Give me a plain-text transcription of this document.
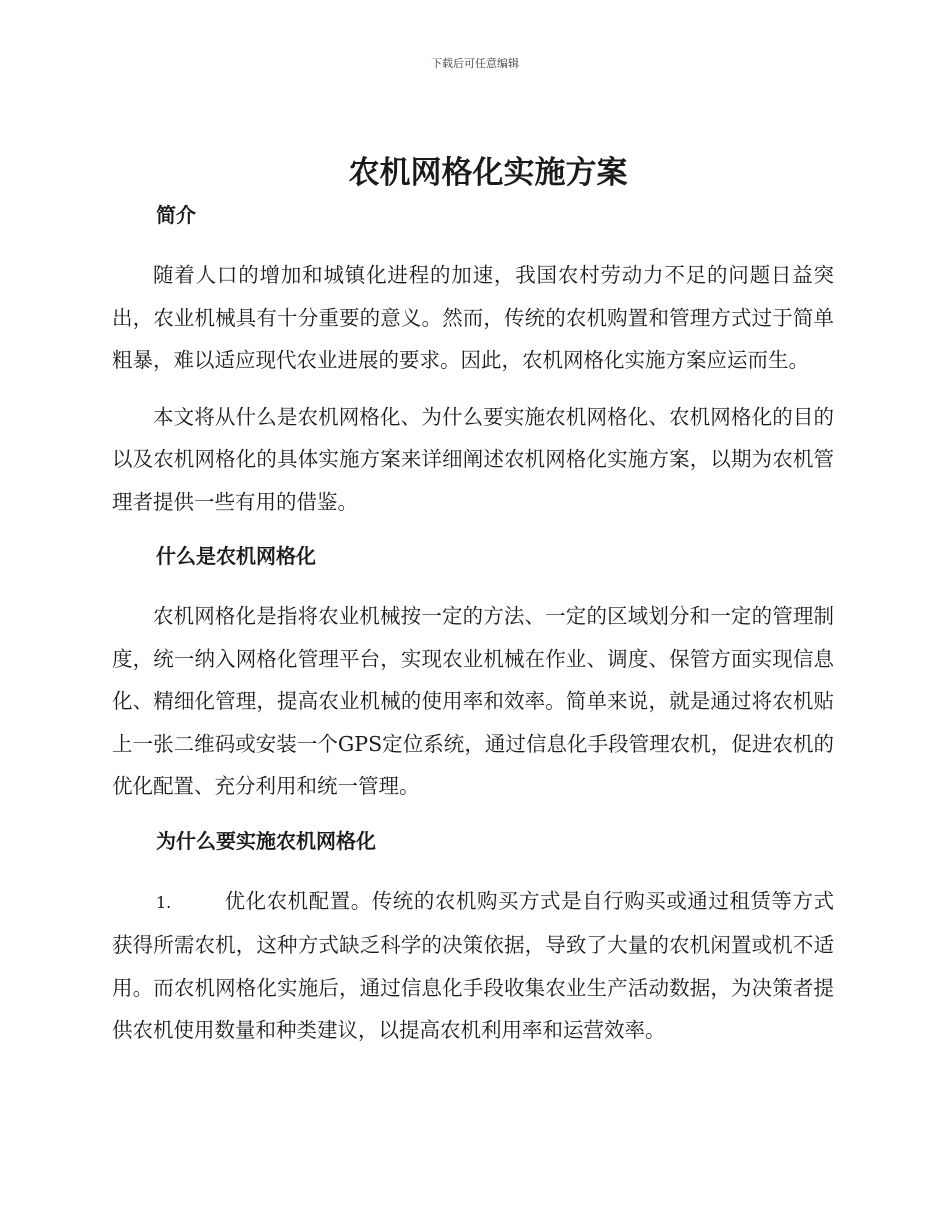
下载后可任意编辑
农机网格化实施方案
简介

随着人口的增加和城镇化进程的加速，我国农村劳动力不足的问题日益突出，农业机械具有十分重要的意义。然而，传统的农机购置和管理方式过于简单粗暴，难以适应现代农业进展的要求。因此，农机网格化实施方案应运而生。

本文将从什么是农机网格化、为什么要实施农机网格化、农机网格化的目的以及农机网格化的具体实施方案来详细阐述农机网格化实施方案，以期为农机管理者提供一些有用的借鉴。

什么是农机网格化

农机网格化是指将农业机械按一定的方法、一定的区域划分和一定的管理制度，统一纳入网格化管理平台，实现农业机械在作业、调度、保管方面实现信息化、精细化管理，提高农业机械的使用率和效率。简单来说，就是通过将农机贴上一张二维码或安装一个GPS定位系统，通过信息化手段管理农机，促进农机的优化配置、充分利用和统一管理。

为什么要实施农机网格化

1.	优化农机配置。传统的农机购买方式是自行购买或通过租赁等方式获得所需农机，这种方式缺乏科学的决策依据，导致了大量的农机闲置或机不适用。而农机网格化实施后，通过信息化手段收集农业生产活动数据，为决策者提供农机使用数量和种类建议，以提高农机利用率和运营效率。
